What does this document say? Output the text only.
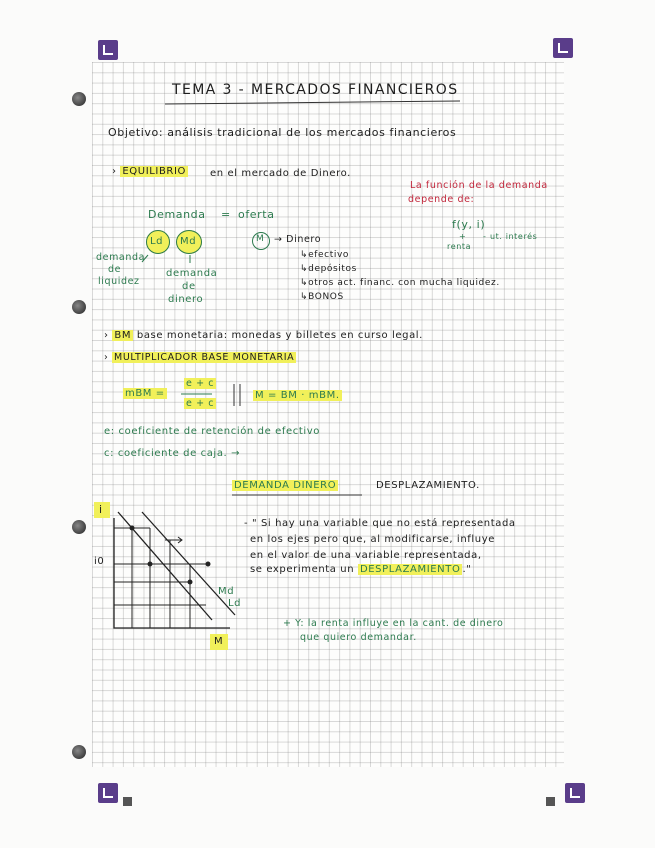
TEMA 3 - MERCADOS FINANCIEROS
Objetivo: análisis tradicional de los mercados financieros
› EQUILIBRIO en el mercado de Dinero.
La función de la demanda
depende de:
f(y, i)
+ -
renta
ut. interés
Demanda = oferta
Ld Md	M → Dinero
demanda
de
liquidez
demanda
de
dinero
↳efectivo
↳depósitos
↳otros act. financ. con mucha liquidez.
↳BONOS
› BM base monetaria: monedas y billetes en curso legal.
› MULTIPLICADOR BASE MONETARIA
mBM =
e + c
e + c
M = BM · mBM.
e: coeficiente de retención de efectivo
c: coeficiente de caja. →
DEMANDA DINERO	DESPLAZAMIENTO.
- " Si hay una variable que no está representada
en los ejes pero que, al modificarse, influye
en el valor de una variable representada,
se experimenta un DESPLAZAMIENTO ."
+ Y: la renta influye en la cant. de dinero
que quiero demandar.
i
i0
M
Md
Ld
